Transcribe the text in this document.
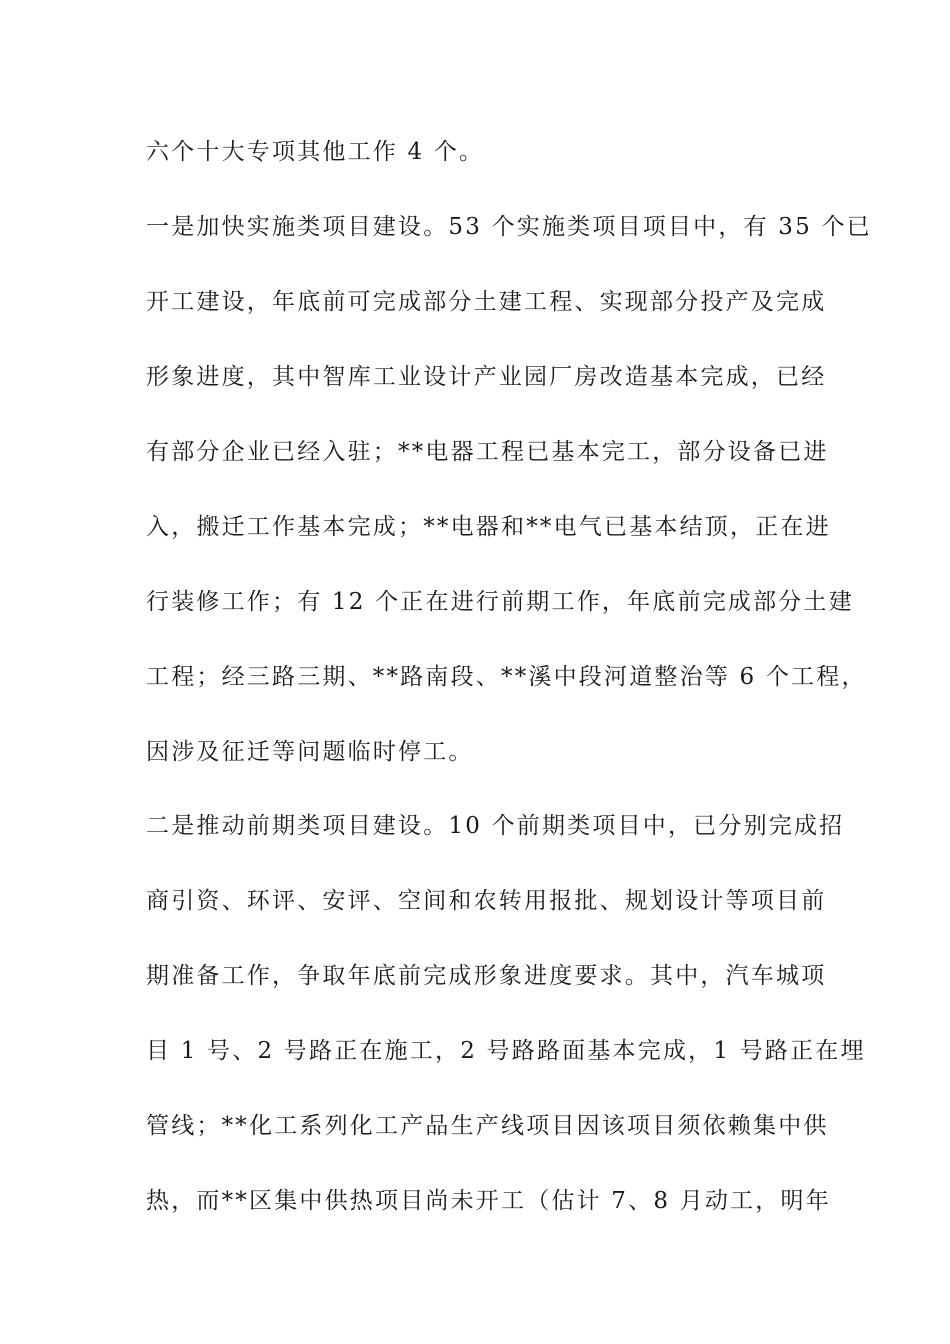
六个十大专项其他工作 4 个。
一是加快实施类项目建设。53 个实施类项目项目中，有 35 个已
开工建设，年底前可完成部分土建工程、实现部分投产及完成
形象进度，其中智库工业设计产业园厂房改造基本完成，已经
有部分企业已经入驻；**电器工程已基本完工，部分设备已进
入，搬迁工作基本完成；**电器和**电气已基本结顶，正在进
行装修工作；有 12 个正在进行前期工作，年底前完成部分土建
工程；经三路三期、**路南段、**溪中段河道整治等 6 个工程，
因涉及征迁等问题临时停工。
二是推动前期类项目建设。10 个前期类项目中，已分别完成招
商引资、环评、安评、空间和农转用报批、规划设计等项目前
期准备工作，争取年底前完成形象进度要求。其中，汽车城项
目 1 号、2 号路正在施工，2 号路路面基本完成，1 号路正在埋
管线；**化工系列化工产品生产线项目因该项目须依赖集中供
热，而**区集中供热项目尚未开工（估计 7、8 月动工，明年
